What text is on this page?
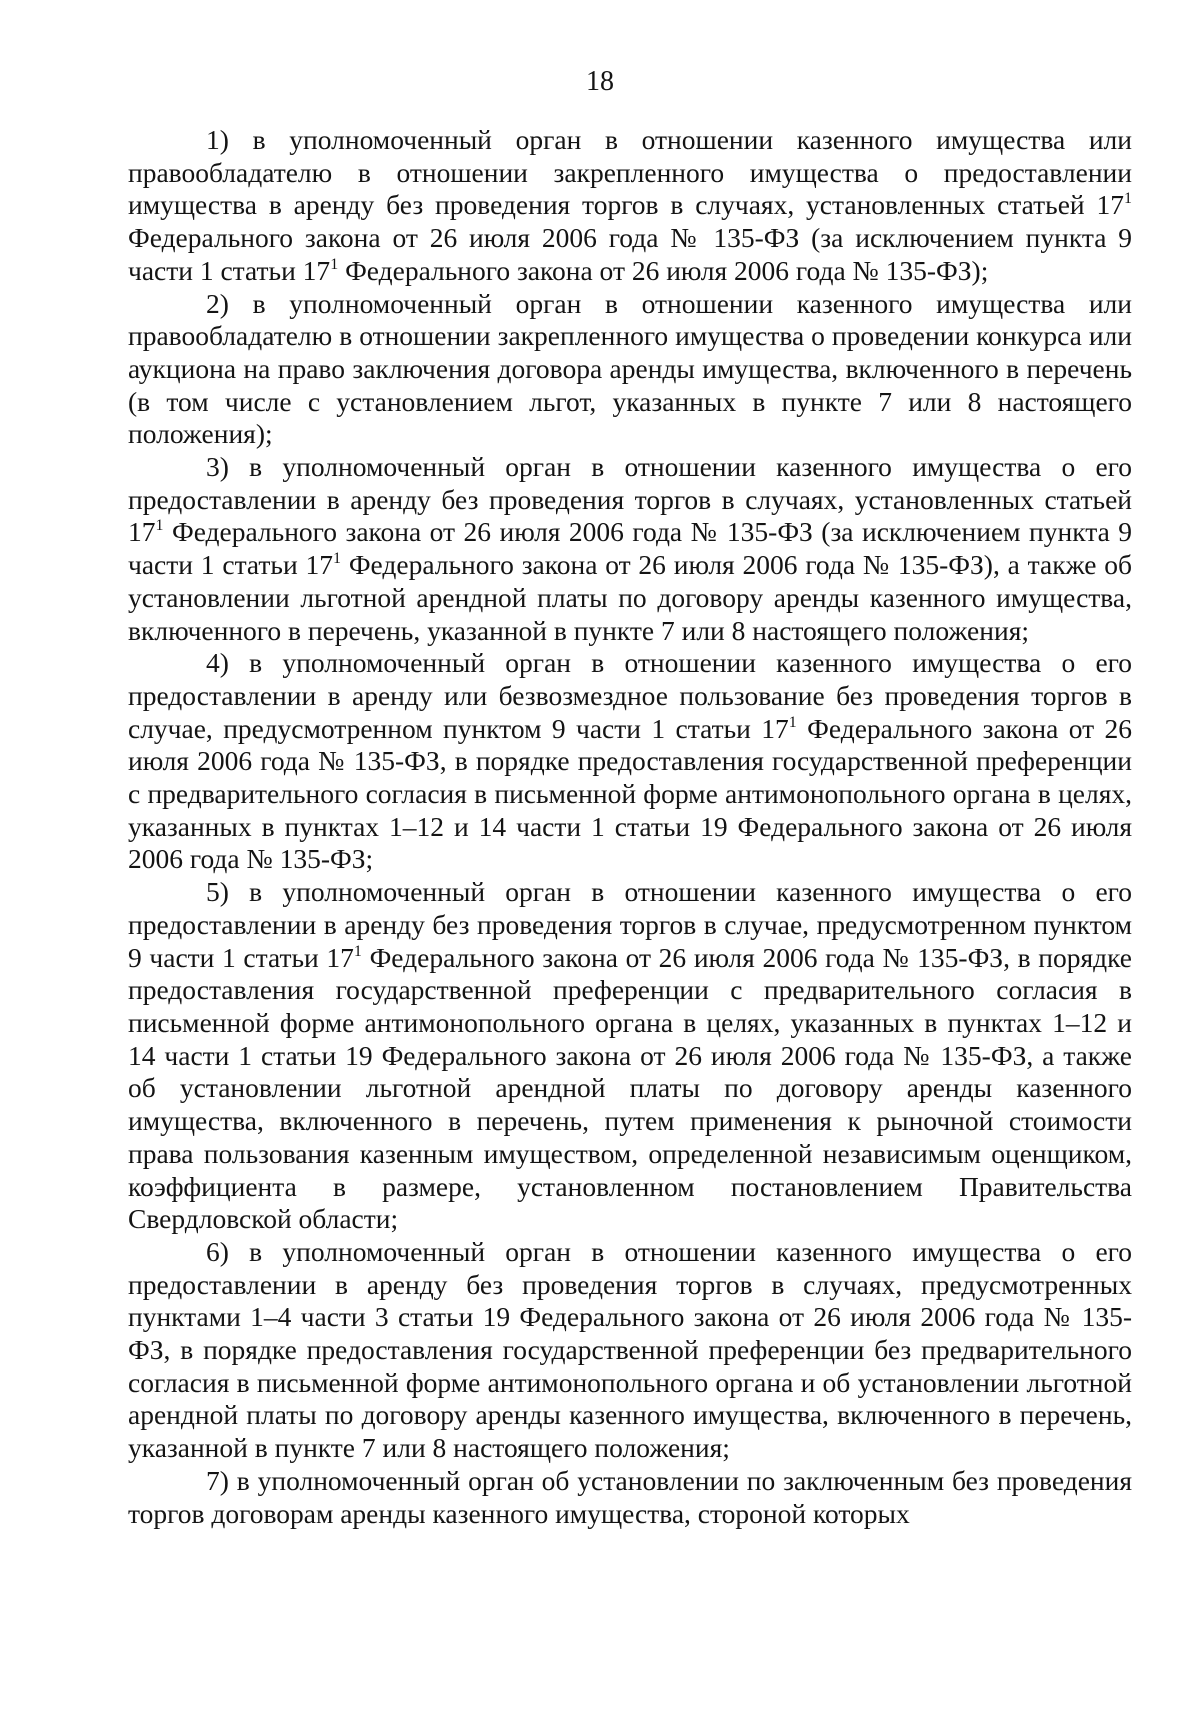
18

1) в уполномоченный орган в отношении казенного имущества или правообладателю в отношении закрепленного имущества о предоставлении имущества в аренду без проведения торгов в случаях, установленных статьей $17^1$ Федерального закона от 26 июля 2006 года № 135-ФЗ (за исключением пункта 9 части 1 статьи $17^1$ Федерального закона от 26 июля 2006 года № 135-ФЗ);

2) в уполномоченный орган в отношении казенного имущества или правообладателю в отношении закрепленного имущества о проведении конкурса или аукциона на право заключения договора аренды имущества, включенного в перечень (в том числе с установлением льгот, указанных в пункте 7 или 8 настоящего положения);

3) в уполномоченный орган в отношении казенного имущества о его предоставлении в аренду без проведения торгов в случаях, установленных статьей $17^1$ Федерального закона от 26 июля 2006 года № 135-ФЗ (за исключением пункта 9 части 1 статьи $17^1$ Федерального закона от 26 июля 2006 года № 135-ФЗ), а также об установлении льготной арендной платы по договору аренды казенного имущества, включенного в перечень, указанной в пункте 7 или 8 настоящего положения;

4) в уполномоченный орган в отношении казенного имущества о его предоставлении в аренду или безвозмездное пользование без проведения торгов в случае, предусмотренном пунктом 9 части 1 статьи $17^1$ Федерального закона от 26 июля 2006 года № 135-ФЗ, в порядке предоставления государственной преференции с предварительного согласия в письменной форме антимонопольного органа в целях, указанных в пунктах 1–12 и 14 части 1 статьи 19 Федерального закона от 26 июля 2006 года № 135-ФЗ;

5) в уполномоченный орган в отношении казенного имущества о его предоставлении в аренду без проведения торгов в случае, предусмотренном пунктом 9 части 1 статьи $17^1$ Федерального закона от 26 июля 2006 года № 135-ФЗ, в порядке предоставления государственной преференции с предварительного согласия в письменной форме антимонопольного органа в целях, указанных в пунктах 1–12 и 14 части 1 статьи 19 Федерального закона от 26 июля 2006 года № 135-ФЗ, а также об установлении льготной арендной платы по договору аренды казенного имущества, включенного в перечень, путем применения к рыночной стоимости права пользования казенным имуществом, определенной независимым оценщиком, коэффициента в размере, установленном постановлением Правительства Свердловской области;

6) в уполномоченный орган в отношении казенного имущества о его предоставлении в аренду без проведения торгов в случаях, предусмотренных пунктами 1–4 части 3 статьи 19 Федерального закона от 26 июля 2006 года № 135-ФЗ, в порядке предоставления государственной преференции без предварительного согласия в письменной форме антимонопольного органа и об установлении льготной арендной платы по договору аренды казенного имущества, включенного в перечень, указанной в пункте 7 или 8 настоящего положения;

7) в уполномоченный орган об установлении по заключенным без проведения торгов договорам аренды казенного имущества, стороной которых
